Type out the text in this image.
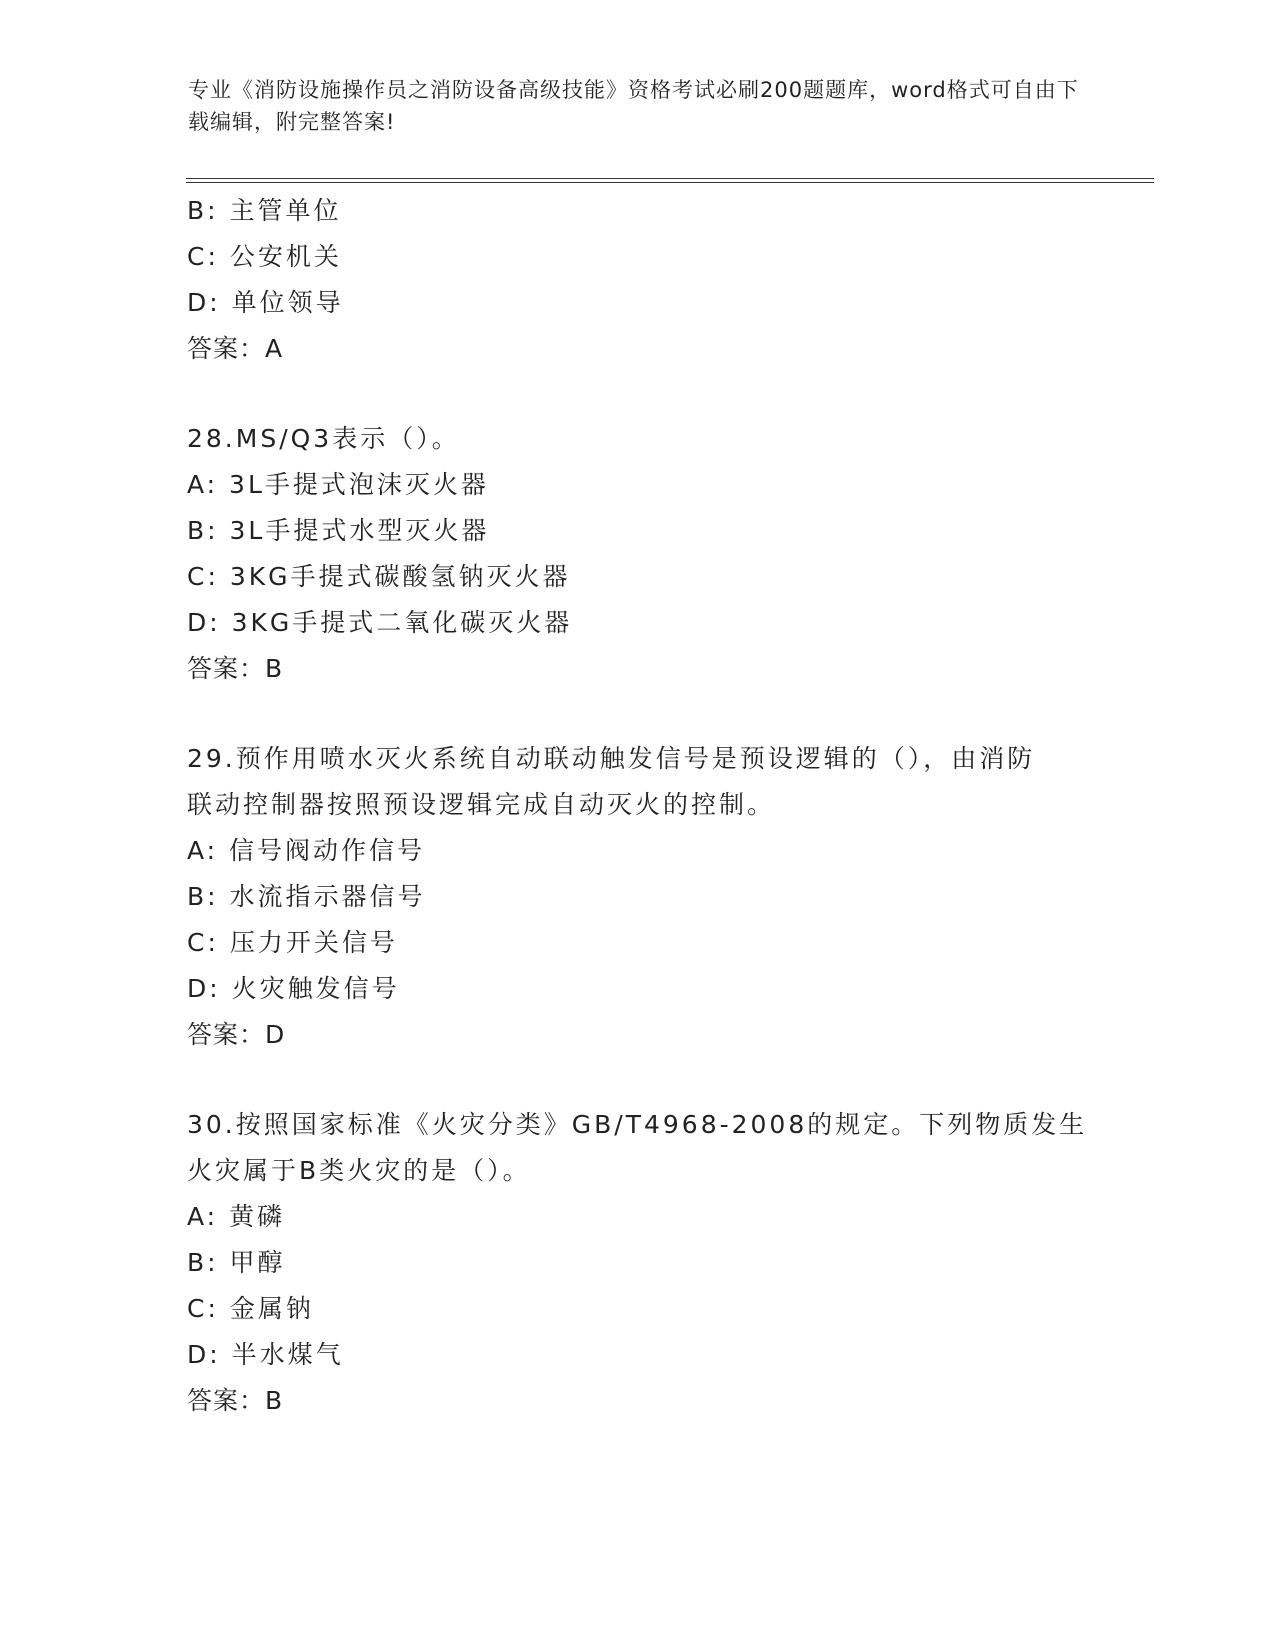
专业《消防设施操作员之消防设备高级技能》资格考试必刷200题题库，word格式可自由下载编辑，附完整答案!
B: 主管单位
C: 公安机关
D: 单位领导
答案：A
28.MS/Q3表示（）。
A: 3L手提式泡沫灭火器
B: 3L手提式水型灭火器
C: 3KG手提式碳酸氢钠灭火器
D: 3KG手提式二氧化碳灭火器
答案：B
29.预作用喷水灭火系统自动联动触发信号是预设逻辑的（），由消防
联动控制器按照预设逻辑完成自动灭火的控制。
A: 信号阀动作信号
B: 水流指示器信号
C: 压力开关信号
D: 火灾触发信号
答案：D
30.按照国家标准《火灾分类》GB/T4968-2008的规定。下列物质发生
火灾属于B类火灾的是（）。
A: 黄磷
B: 甲醇
C: 金属钠
D: 半水煤气
答案：B
